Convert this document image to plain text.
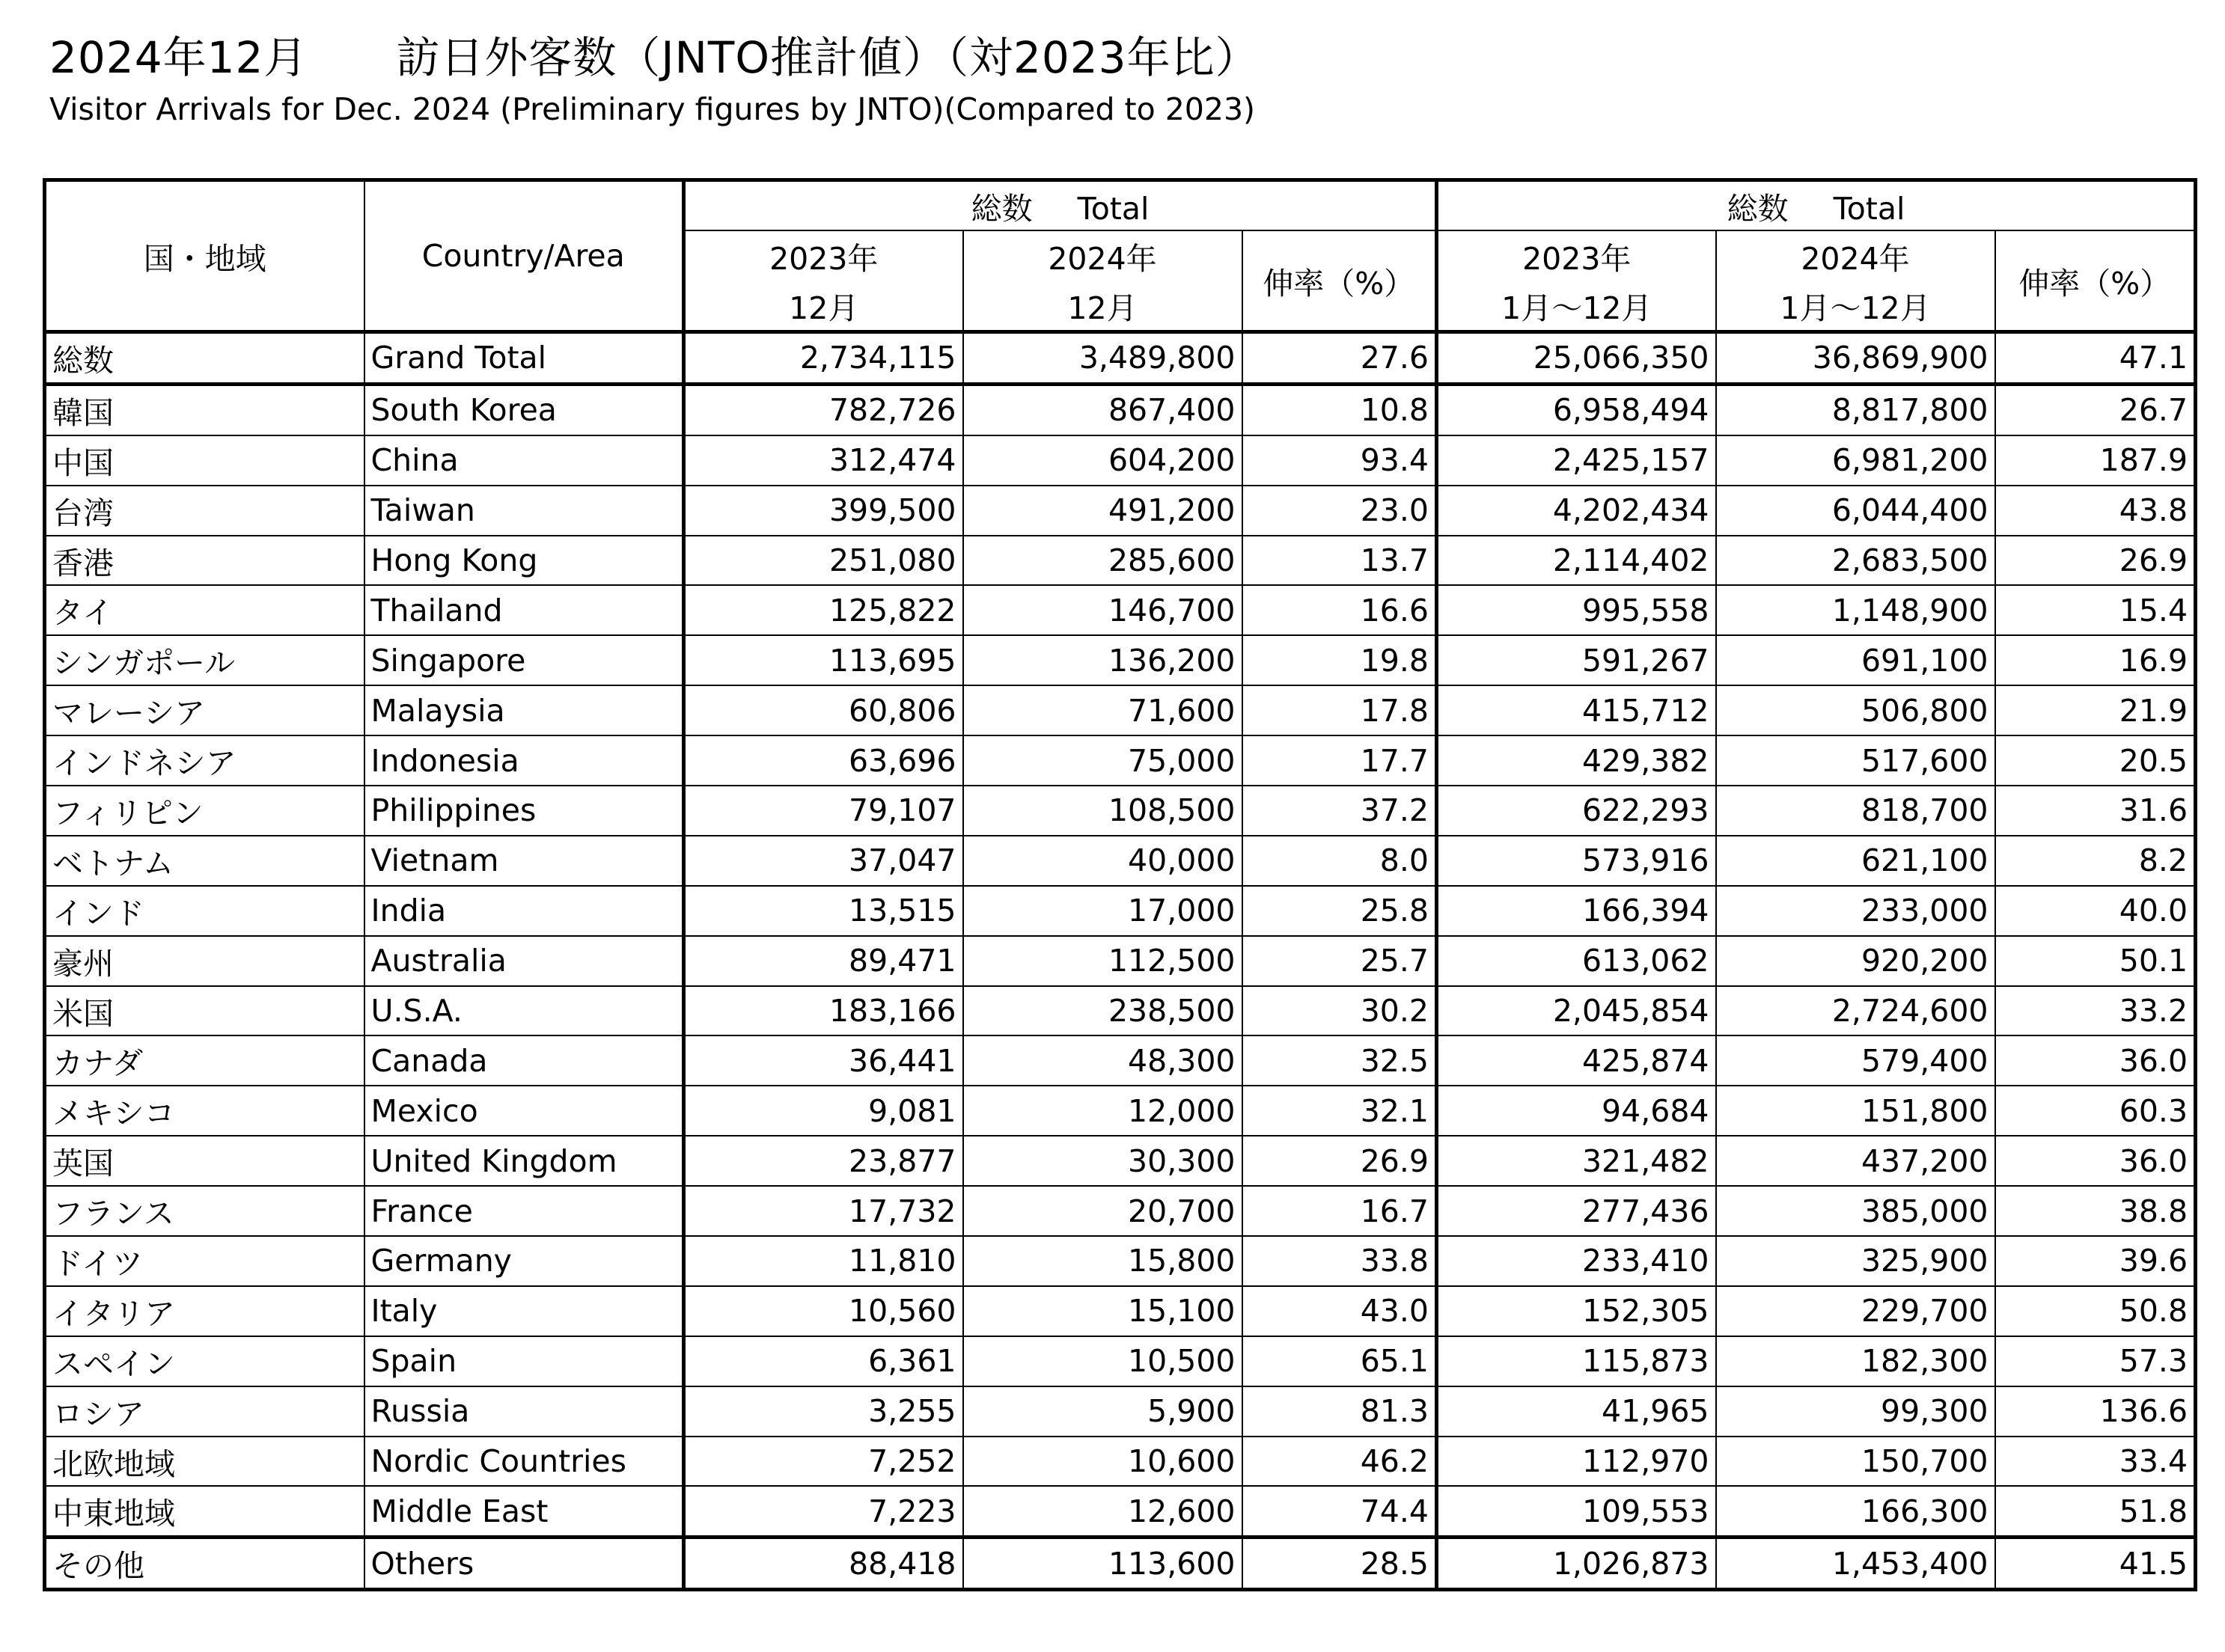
2024年12月　　訪日外客数（JNTO推計値）（対2023年比）
Visitor Arrivals for Dec. 2024 (Preliminary figures by JNTO)(Compared to 2023)
国・地域	Country/Area	総数 Total			総数 Total		
		2023年	2024年	伸率（%）	2023年	2024年	伸率（%）
		12月	12月		1月～12月	1月～12月	
総数	Grand Total	2,734,115	3,489,800	27.6	25,066,350	36,869,900	47.1
韓国	South Korea	782,726	867,400	10.8	6,958,494	8,817,800	26.7
中国	China	312,474	604,200	93.4	2,425,157	6,981,200	187.9
台湾	Taiwan	399,500	491,200	23.0	4,202,434	6,044,400	43.8
香港	Hong Kong	251,080	285,600	13.7	2,114,402	2,683,500	26.9
タイ	Thailand	125,822	146,700	16.6	995,558	1,148,900	15.4
シンガポール	Singapore	113,695	136,200	19.8	591,267	691,100	16.9
マレーシア	Malaysia	60,806	71,600	17.8	415,712	506,800	21.9
インドネシア	Indonesia	63,696	75,000	17.7	429,382	517,600	20.5
フィリピン	Philippines	79,107	108,500	37.2	622,293	818,700	31.6
ベトナム	Vietnam	37,047	40,000	8.0	573,916	621,100	8.2
インド	India	13,515	17,000	25.8	166,394	233,000	40.0
豪州	Australia	89,471	112,500	25.7	613,062	920,200	50.1
米国	U.S.A.	183,166	238,500	30.2	2,045,854	2,724,600	33.2
カナダ	Canada	36,441	48,300	32.5	425,874	579,400	36.0
メキシコ	Mexico	9,081	12,000	32.1	94,684	151,800	60.3
英国	United Kingdom	23,877	30,300	26.9	321,482	437,200	36.0
フランス	France	17,732	20,700	16.7	277,436	385,000	38.8
ドイツ	Germany	11,810	15,800	33.8	233,410	325,900	39.6
イタリア	Italy	10,560	15,100	43.0	152,305	229,700	50.8
スペイン	Spain	6,361	10,500	65.1	115,873	182,300	57.3
ロシア	Russia	3,255	5,900	81.3	41,965	99,300	136.6
北欧地域	Nordic Countries	7,252	10,600	46.2	112,970	150,700	33.4
中東地域	Middle East	7,223	12,600	74.4	109,553	166,300	51.8
その他	Others	88,418	113,600	28.5	1,026,873	1,453,400	41.5
